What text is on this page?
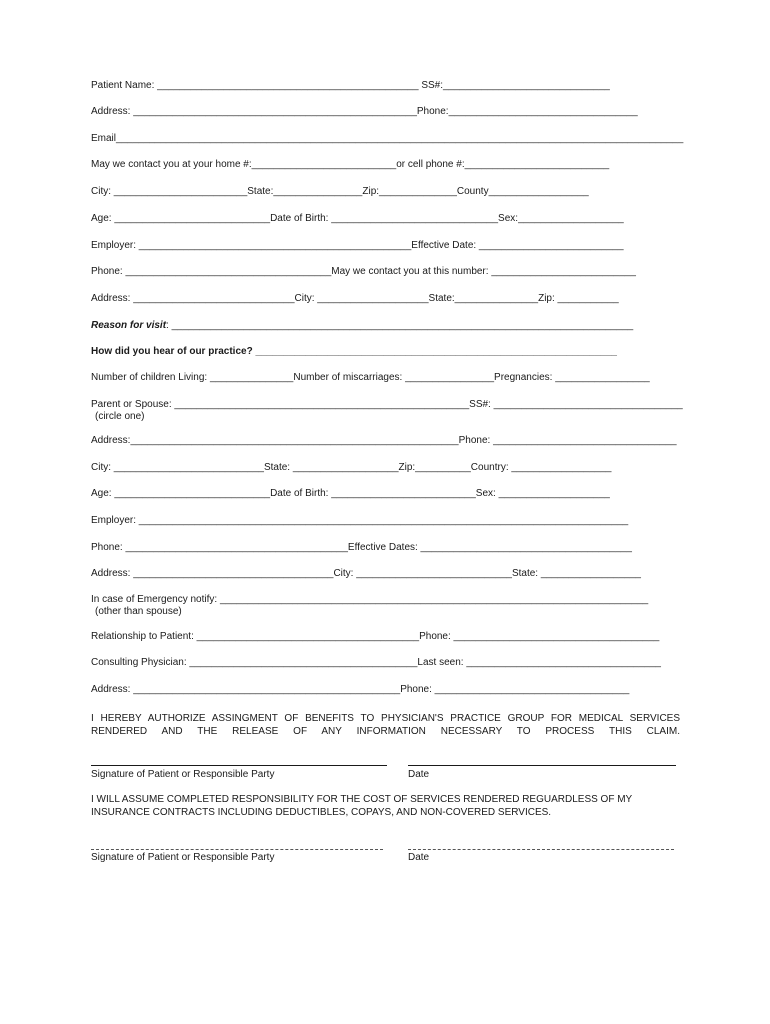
Patient Name: _______________________________________________ SS#:______________________________
Address: ___________________________________________________Phone:__________________________________
Email______________________________________________________________________________________________________
May we contact you at your home #:__________________________or cell phone #:__________________________
City: ________________________State:________________Zip:______________County__________________
Age: ____________________________Date of Birth: ______________________________Sex:___________________
Employer: _________________________________________________Effective Date: __________________________
Phone: _____________________________________May we contact you at this number: __________________________
Address: _____________________________City: ____________________State:_______________Zip: ___________
Reason for visit: ___________________________________________________________________________________
How did you hear of our practice? _________________________________________________________________
Number of children Living: _______________Number of miscarriages: ________________Pregnancies: _________________
Parent or Spouse: _____________________________________________________SS#: __________________________________
(circle one)
Address:___________________________________________________________Phone: _________________________________
City: ___________________________State: ___________________Zip:__________Country: __________________
Age: ____________________________Date of Birth: __________________________Sex: ____________________
Employer: ________________________________________________________________________________________
Phone: ________________________________________Effective Dates: ______________________________________
Address: ____________________________________City: ____________________________State: __________________
In case of Emergency notify: _____________________________________________________________________________
(other than spouse)
Relationship to Patient: ________________________________________Phone: _____________________________________
Consulting Physician: _________________________________________Last seen: ___________________________________
Address: ________________________________________________Phone: ___________________________________
I HEREBY AUTHORIZE ASSINGMENT OF BENEFITS TO PHYSICIAN'S PRACTICE GROUP FOR MEDICAL SERVICES RENDERED AND THE RELEASE OF ANY INFORMATION NECESSARY TO PROCESS THIS CLAIM.
Signature of Patient or Responsible Party	Date
I WILL ASSUME COMPLETED RESPONSIBILITY FOR THE COST OF SERVICES RENDERED REGUARDLESS OF MY INSURANCE CONTRACTS INCLUDING DEDUCTIBLES, COPAYS, AND NON-COVERED SERVICES.
Signature of Patient or Responsible Party	Date
